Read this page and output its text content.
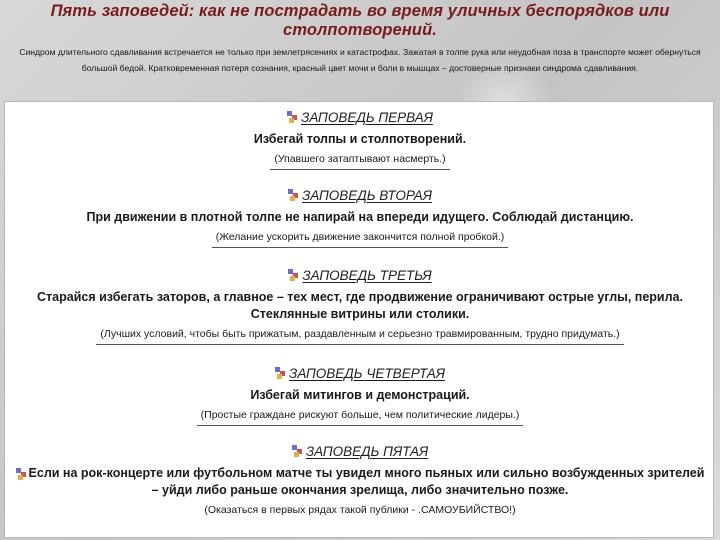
Пять заповедей: как не пострадать во время уличных беспорядков или столпотворений.
Синдром длительного сдавливания встречается не только при землетрясениях и катастрофах. Зажатая в толпе рука или неудобная поза в транспорте может обернуться большой бедой. Кратковременная потеря сознания, красный цвет мочи и боли в мышцах – достоверные признаки синдрома сдавливания.
ЗАПОВЕДЬ ПЕРВАЯ
Избегай толпы и столпотворений.
(Упавшего затаптывают насмерть.)
ЗАПОВЕДЬ ВТОРАЯ
При движении в плотной толпе не напирай на впереди идущего. Соблюдай дистанцию.
(Желание ускорить движение закончится полной пробкой.)
ЗАПОВЕДЬ ТРЕТЬЯ
Старайся избегать заторов, а главное – тех мест, где продвижение ограничивают острые углы, перила. Стеклянные витрины или столики.
(Лучших условий, чтобы быть прижатым, раздавленным и серьезно травмированным, трудно придумать.)
ЗАПОВЕДЬ ЧЕТВЕРТАЯ
Избегай митингов и демонстраций.
(Простые граждане рискуют больше, чем политические лидеры.)
ЗАПОВЕДЬ ПЯТАЯ
Если на рок-концерте или футбольном матче ты увидел много пьяных или сильно возбужденных зрителей – уйди либо раньше окончания зрелища, либо значительно позже.
(Оказаться в первых рядах такой публики - .САМОУБИЙСТВО!)
